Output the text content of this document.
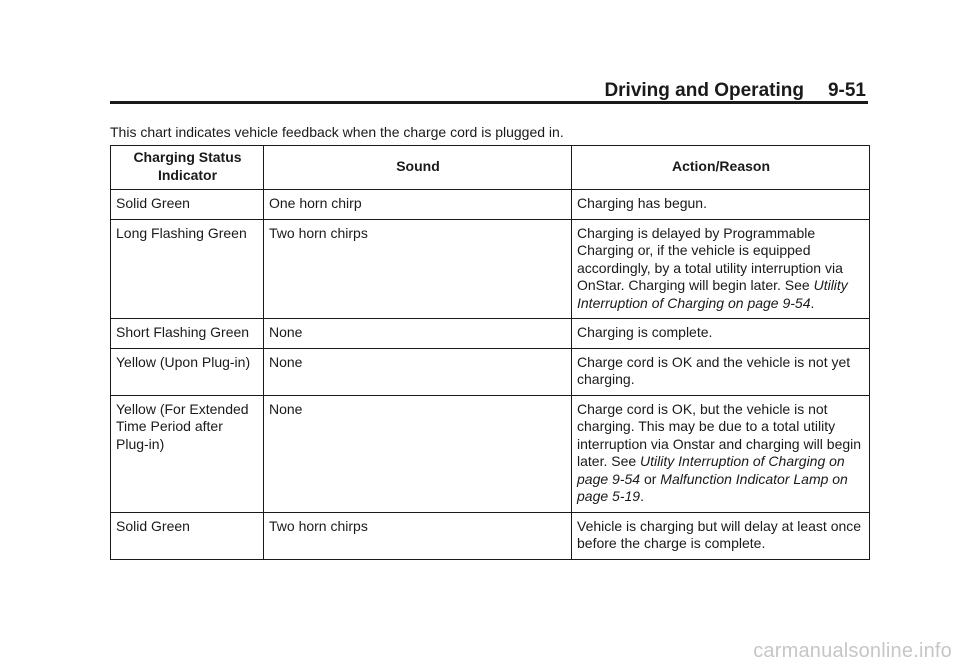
Driving and Operating 9-51
This chart indicates vehicle feedback when the charge cord is plugged in.
Charging Status Indicator	Sound	Action/Reason
Solid Green	One horn chirp	Charging has begun.
Long Flashing Green	Two horn chirps	Charging is delayed by Programmable Charging or, if the vehicle is equipped accordingly, by a total utility interruption via OnStar. Charging will begin later. See Utility Interruption of Charging on page 9-54.
Short Flashing Green	None	Charging is complete.
Yellow (Upon Plug-in)	None	Charge cord is OK and the vehicle is not yet charging.
Yellow (For Extended Time Period after Plug-in)	None	Charge cord is OK, but the vehicle is not charging. This may be due to a total utility interruption via Onstar and charging will begin later. See Utility Interruption of Charging on page 9-54 or Malfunction Indicator Lamp on page 5-19.
Solid Green	Two horn chirps	Vehicle is charging but will delay at least once before the charge is complete.
carmanualsonline.info
